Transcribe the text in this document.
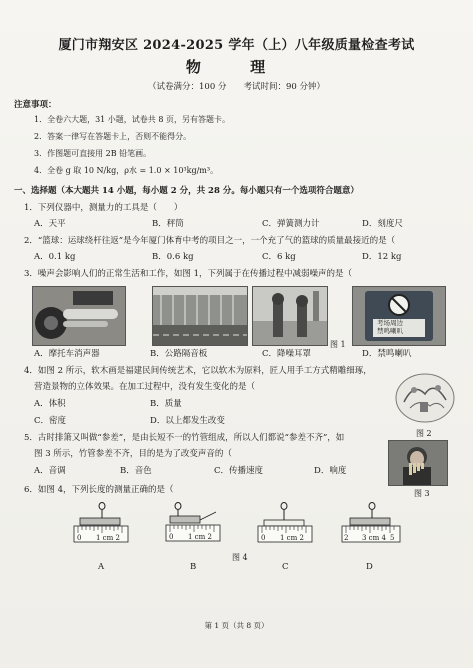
厦门市翔安区 2024-2025 学年（上）八年级质量检查考试
物 理
（试卷满分：100 分　　考试时间：90 分钟）
注意事项：
1．全卷六大题，31 小题，试卷共 8 页，另有答题卡。
2．答案一律写在答题卡上，否则不能得分。
3．作图题可直接用 2B 铅笔画。
4．全卷 g 取 10 N/kg，ρ水 = 1.0 × 10³kg/m³。
一、选择题（本大题共 14 小题，每小题 2 分，共 28 分。每小题只有一个选项符合题意）
1．下列仪器中，测量力的工具是（　　）
A．天平	B．秤筒	C．弹簧测力计	D．刻度尺
2．“篮球：运球绕杆往返”是今年厦门体育中考的项目之一，一个充了气的篮球的质量最接近的是（
A．0.1 kg	B．0.6 kg	C．6 kg	D．12 kg
3．噪声会影响人们的正常生活和工作，如图 1，下列属于在传播过程中减弱噪声的是（
图 1
考场周边
禁鸣喇叭
A．摩托车消声器	B．公路隔音板	C．降噪耳罩	D．禁鸣喇叭
4．如图 2 所示，软木画是福建民间传统艺术，它以软木为原料，匠人用手工方式精雕细琢，
营造景物的立体效果。在加工过程中，没有发生变化的是（
A．体积	B．质量
C．密度	D．以上都发生改变
图 2
5．古时排箫又叫做“参差”，是由长短不一的竹管组成，所以人们都说“参差不齐”，如
图 3 所示，竹管参差不齐，目的是为了改变声音的（
A．音调	B．音色	C．传播速度	D．响度
图 3
6．如图 4，下列长度的测量正确的是（
0 1 cm 2	0 1 cm 2	0 1 cm 2	2 3 cm 4 5
图 4
A	B	C	D
第 1 页（共 8 页）
